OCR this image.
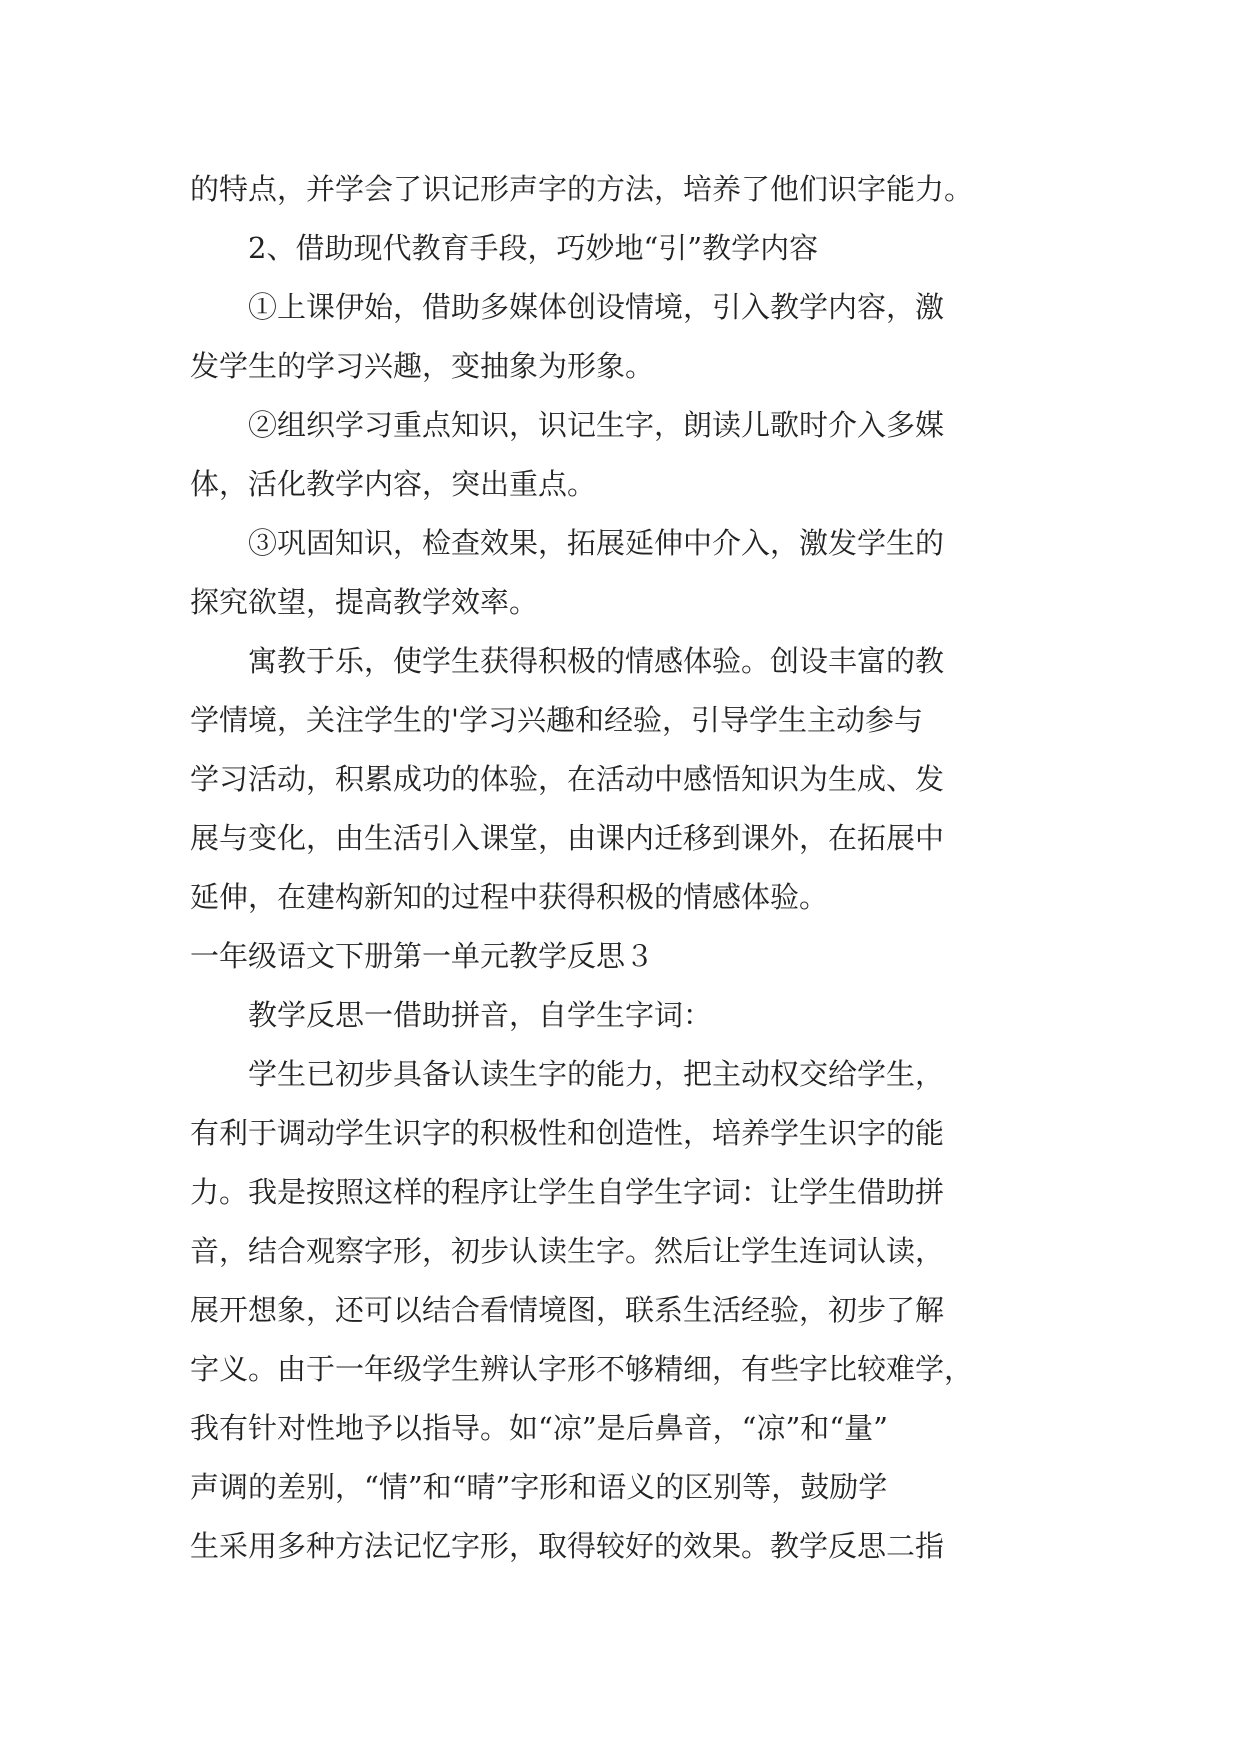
的特点，并学会了识记形声字的方法，培养了他们识字能力。
　　2、借助现代教育手段，巧妙地“引”教学内容
　　①上课伊始，借助多媒体创设情境，引入教学内容，激
发学生的学习兴趣，变抽象为形象。
　　②组织学习重点知识，识记生字，朗读儿歌时介入多媒
体，活化教学内容，突出重点。
　　③巩固知识，检查效果，拓展延伸中介入，激发学生的
探究欲望，提高教学效率。
　　寓教于乐，使学生获得积极的情感体验。创设丰富的教
学情境，关注学生的'学习兴趣和经验，引导学生主动参与
学习活动，积累成功的体验，在活动中感悟知识为生成、发
展与变化，由生活引入课堂，由课内迁移到课外，在拓展中
延伸，在建构新知的过程中获得积极的情感体验。
一年级语文下册第一单元教学反思３
　　教学反思一借助拼音，自学生字词：
　　学生已初步具备认读生字的能力，把主动权交给学生，
有利于调动学生识字的积极性和创造性，培养学生识字的能
力。我是按照这样的程序让学生自学生字词：让学生借助拼
音，结合观察字形，初步认读生字。然后让学生连词认读，
展开想象，还可以结合看情境图，联系生活经验，初步了解
字义。由于一年级学生辨认字形不够精细，有些字比较难学，
我有针对性地予以指导。如“凉”是后鼻音，“凉”和“量”
声调的差别，“情”和“晴”字形和语义的区别等，鼓励学
生采用多种方法记忆字形，取得较好的效果。教学反思二指
